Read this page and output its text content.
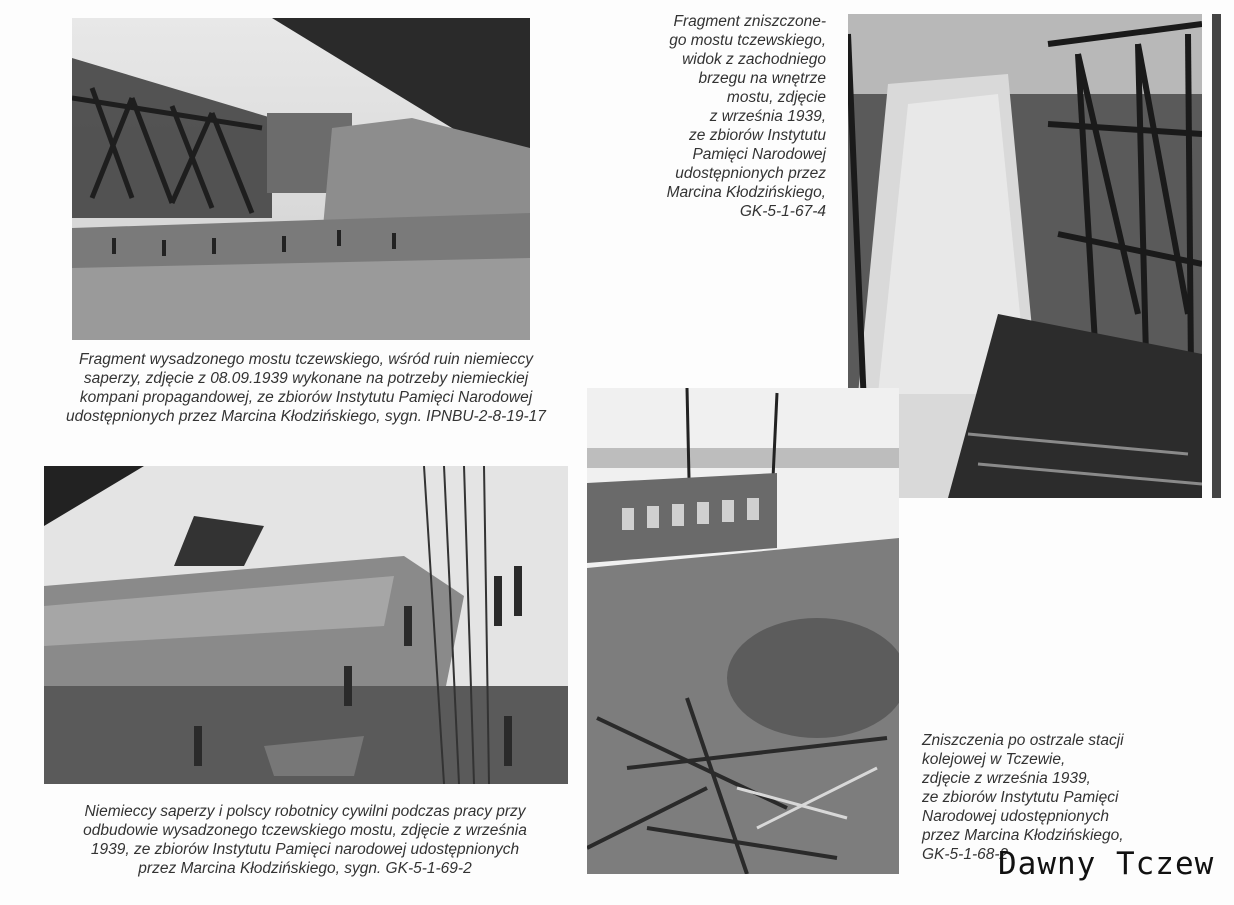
Fragment wysadzonego mostu tczewskiego, wśród ruin niemieccy
saperzy, zdjęcie z 08.09.1939 wykonane na potrzeby niemieckiej
kompani propagandowej, ze zbiorów Instytutu Pamięci Narodowej
udostępnionych przez Marcina Kłodzińskiego, sygn. IPNBU-2-8-19-17
Fragment zniszczone-
go mostu tczewskiego,
widok z zachodniego
brzegu na wnętrze
mostu, zdjęcie
z września 1939,
ze zbiorów Instytutu
Pamięci Narodowej
udostępnionych przez
Marcina Kłodzińskiego,
GK-5-1-67-4
Niemieccy saperzy i polscy robotnicy cywilni podczas pracy przy
odbudowie wysadzonego tczewskiego mostu, zdjęcie z września
1939, ze zbiorów Instytutu Pamięci narodowej udostępnionych
przez Marcina Kłodzińskiego, sygn. GK-5-1-69-2
Zniszczenia po ostrzale stacji
kolejowej w Tczewie,
zdjęcie z września 1939,
ze zbiorów Instytutu Pamięci
Narodowej udostępnionych
przez Marcina Kłodzińskiego,
GK-5-1-68-2
Dawny Tczew
